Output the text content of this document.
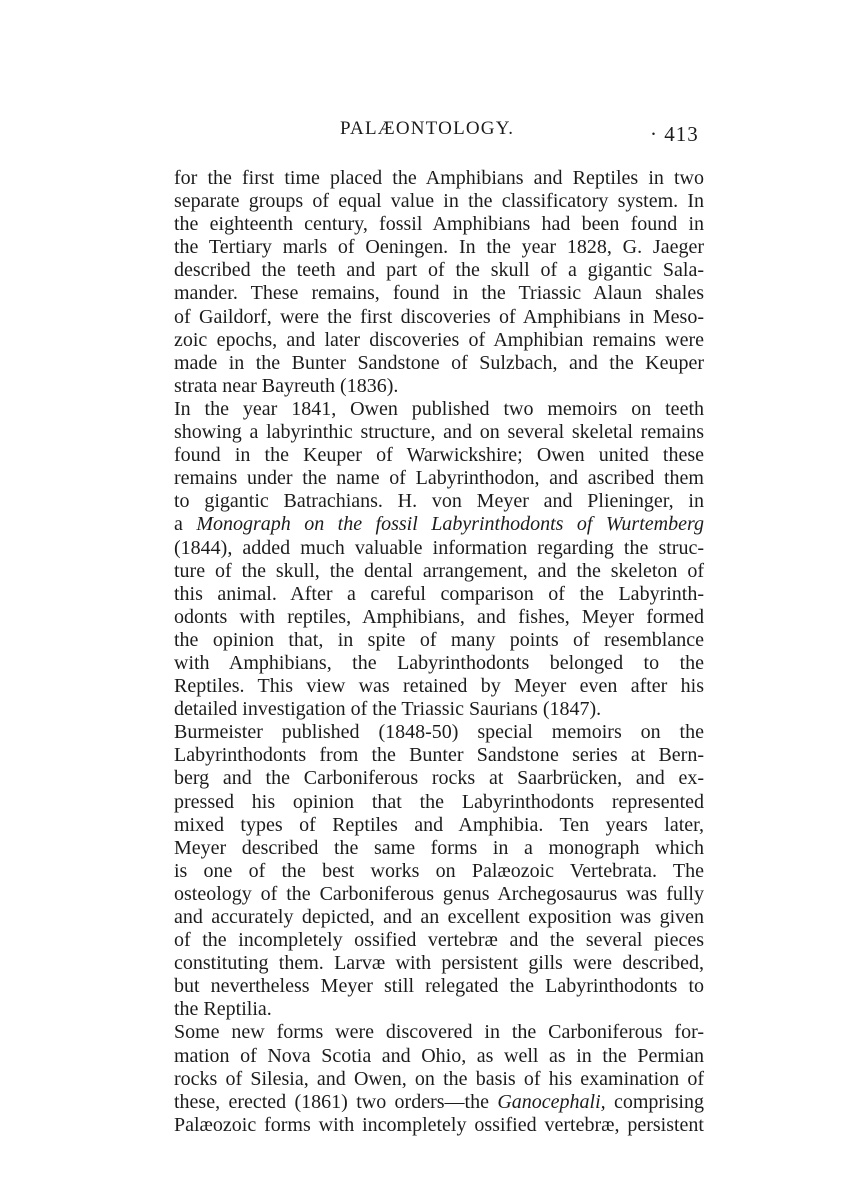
PALÆONTOLOGY.	· 413
for the first time placed the Amphibians and Reptiles in two
separate groups of equal value in the classificatory system. In
the eighteenth century, fossil Amphibians had been found in
the Tertiary marls of Oeningen. In the year 1828, G. Jaeger
described the teeth and part of the skull of a gigantic Sala-
mander. These remains, found in the Triassic Alaun shales
of Gaildorf, were the first discoveries of Amphibians in Meso-
zoic epochs, and later discoveries of Amphibian remains were
made in the Bunter Sandstone of Sulzbach, and the Keuper
strata near Bayreuth (1836).
In the year 1841, Owen published two memoirs on teeth
showing a labyrinthic structure, and on several skeletal remains
found in the Keuper of Warwickshire; Owen united these
remains under the name of Labyrinthodon, and ascribed them
to gigantic Batrachians. H. von Meyer and Plieninger, in
a Monograph on the fossil Labyrinthodonts of Wurtemberg
(1844), added much valuable information regarding the struc-
ture of the skull, the dental arrangement, and the skeleton of
this animal. After a careful comparison of the Labyrinth-
odonts with reptiles, Amphibians, and fishes, Meyer formed
the opinion that, in spite of many points of resemblance
with Amphibians, the Labyrinthodonts belonged to the
Reptiles. This view was retained by Meyer even after his
detailed investigation of the Triassic Saurians (1847).
Burmeister published (1848-50) special memoirs on the
Labyrinthodonts from the Bunter Sandstone series at Bern-
berg and the Carboniferous rocks at Saarbrücken, and ex-
pressed his opinion that the Labyrinthodonts represented
mixed types of Reptiles and Amphibia. Ten years later,
Meyer described the same forms in a monograph which
is one of the best works on Palæozoic Vertebrata. The
osteology of the Carboniferous genus Archegosaurus was fully
and accurately depicted, and an excellent exposition was given
of the incompletely ossified vertebræ and the several pieces
constituting them. Larvæ with persistent gills were described,
but nevertheless Meyer still relegated the Labyrinthodonts to
the Reptilia.
Some new forms were discovered in the Carboniferous for-
mation of Nova Scotia and Ohio, as well as in the Permian
rocks of Silesia, and Owen, on the basis of his examination of
these, erected (1861) two orders—the Ganocephali, comprising
Palæozoic forms with incompletely ossified vertebræ, persistent
